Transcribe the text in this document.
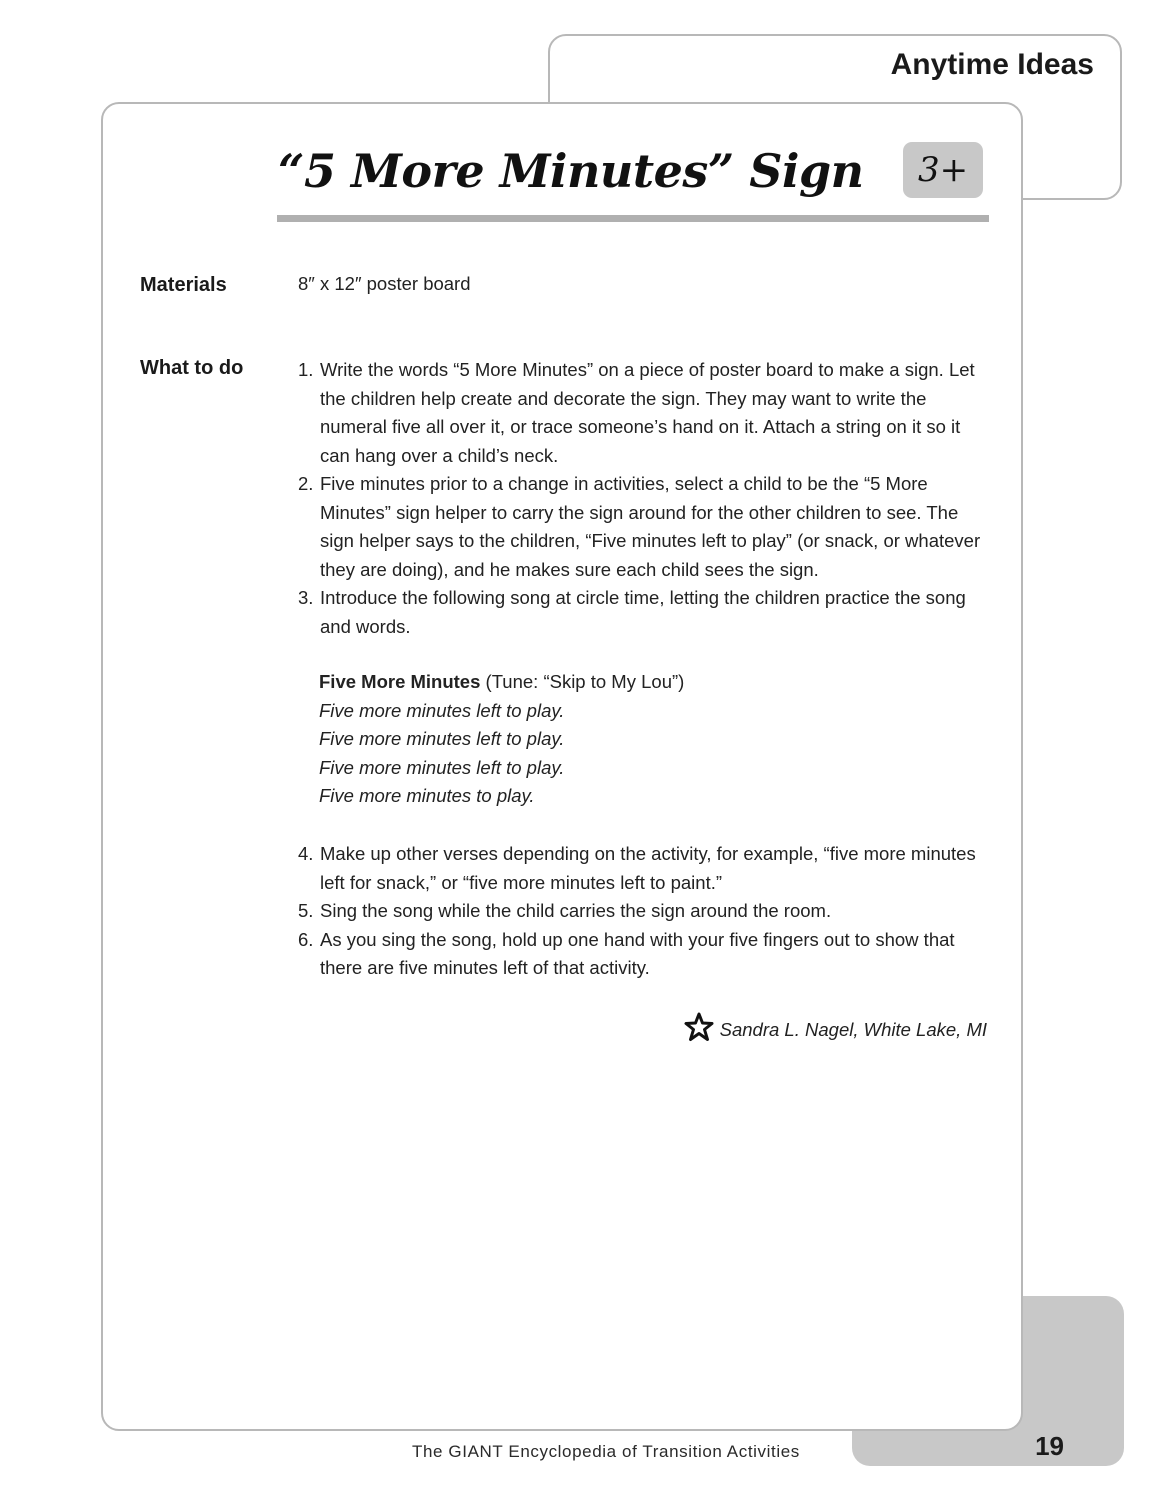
Anytime Ideas
19
“5 More Minutes” Sign	3+
Materials	8″ x 12″ poster board
What to do	1. Write the words “5 More Minutes” on a piece of poster board to make a sign. Let the children help create and decorate the sign. They may want to write the numeral five all over it, or trace someone’s hand on it. Attach a string on it so it can hang over a child’s neck.
2. Five minutes prior to a change in activities, select a child to be the “5 More Minutes” sign helper to carry the sign around for the other children to see. The sign helper says to the children, “Five minutes left to play” (or snack, or whatever they are doing), and he makes sure each child sees the sign.
3. Introduce the following song at circle time, letting the children practice the song and words.
Five More Minutes (Tune: “Skip to My Lou”)
Five more minutes left to play.
Five more minutes left to play.
Five more minutes left to play.
Five more minutes to play.
4. Make up other verses depending on the activity, for example, “five more minutes left for snack,” or “five more minutes left to paint.”
5. Sing the song while the child carries the sign around the room.
6. As you sing the song, hold up one hand with your five fingers out to show that there are five minutes left of that activity.
Sandra L. Nagel, White Lake, MI
The GIANT Encyclopedia of Transition Activities
